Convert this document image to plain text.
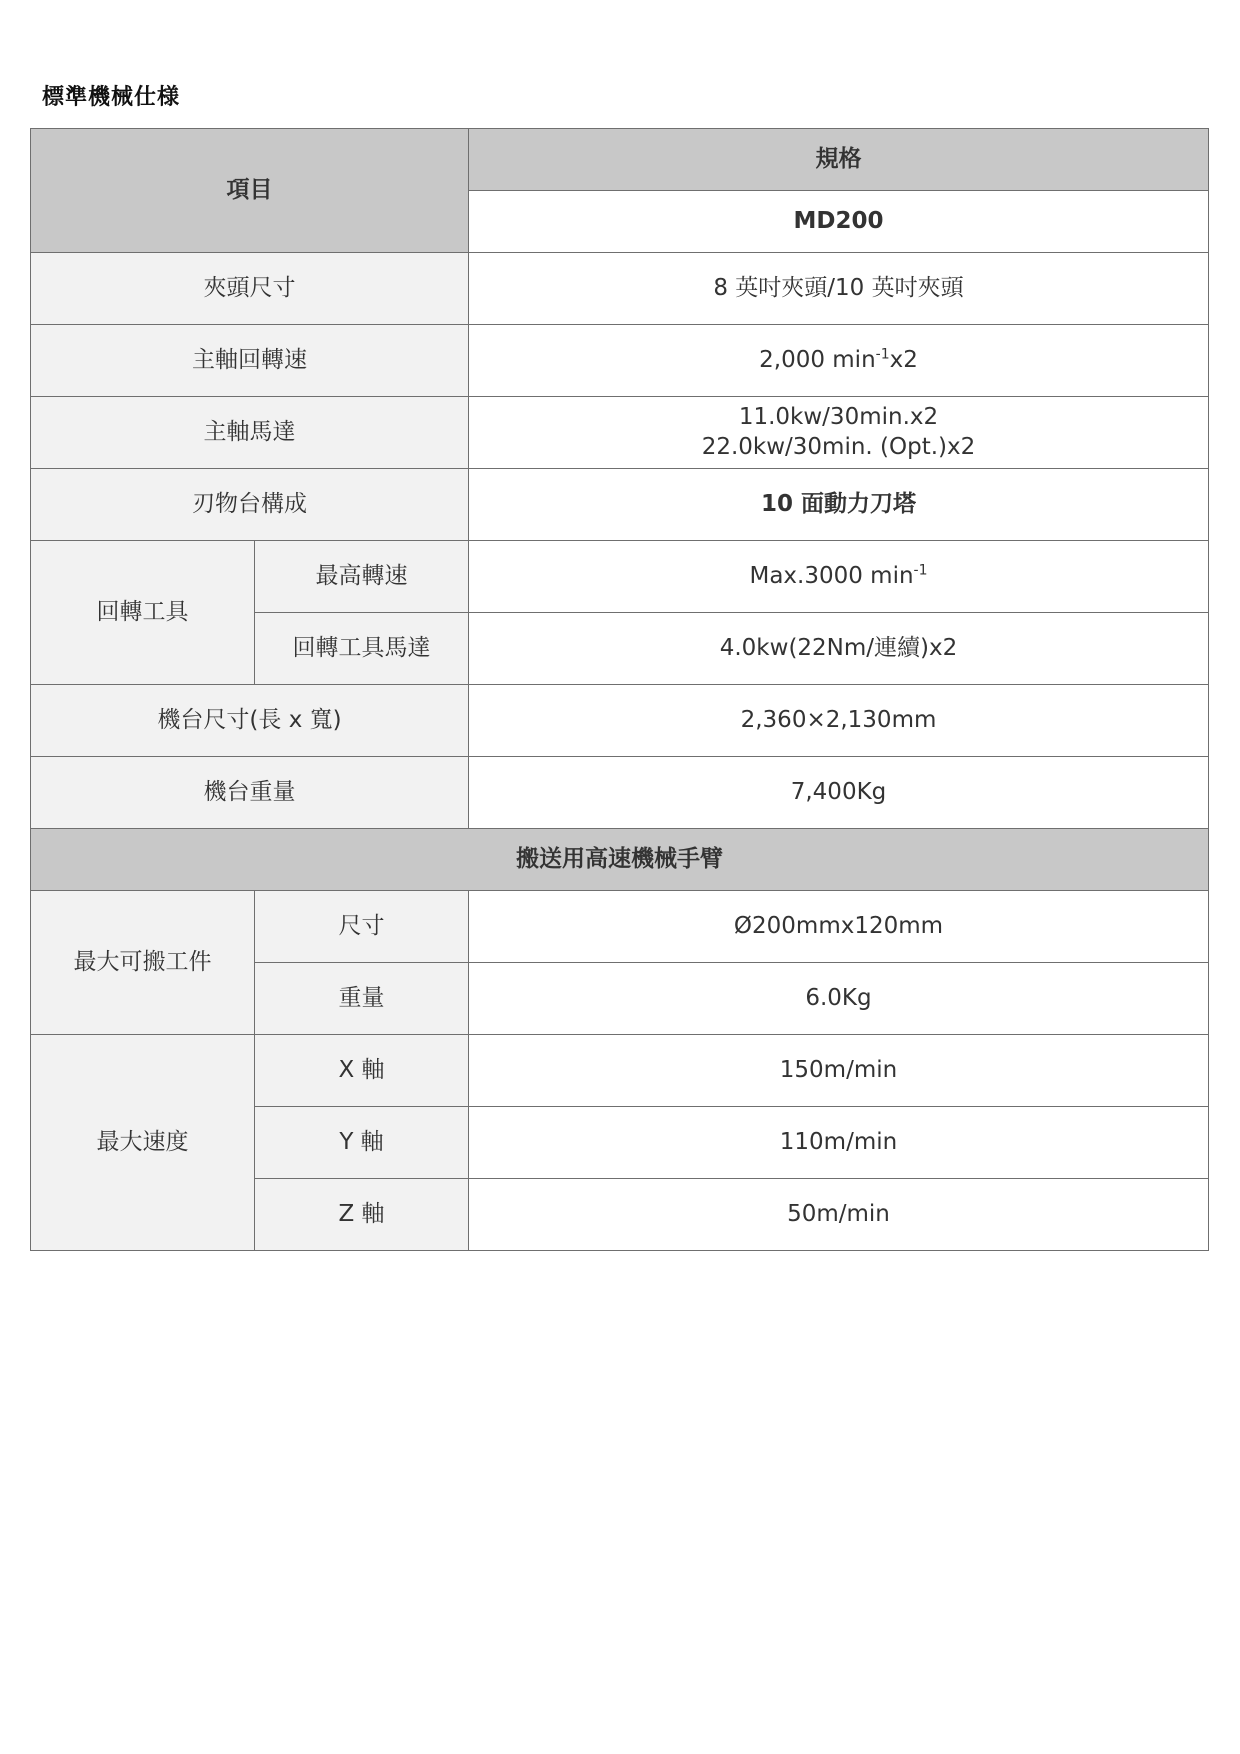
標準機械仕様
項目		規格
		MD200
夾頭尺寸		8 英吋夾頭/10 英吋夾頭
主軸回轉速		2,000 $\min^{-1}x2$
主軸馬達		11.0kw/30min.x2
22.0kw/30min. (Opt.)x2

刃物台構成		10 面動力刀塔
回轉工具	最高轉速	Max.3000 $\min^{-1}$
	回轉工具馬達	4.0kw(22Nm/連續)x2
機台尺寸(長 x 寬)		2,360×2,130mm
機台重量		7,400Kg
搬送用高速機械手臂		
最大可搬工件	尺寸	Ø200mmx120mm
	重量	6.0Kg
最大速度	X 軸	150m/min
	Y 軸	110m/min
	Z 軸	50m/min
